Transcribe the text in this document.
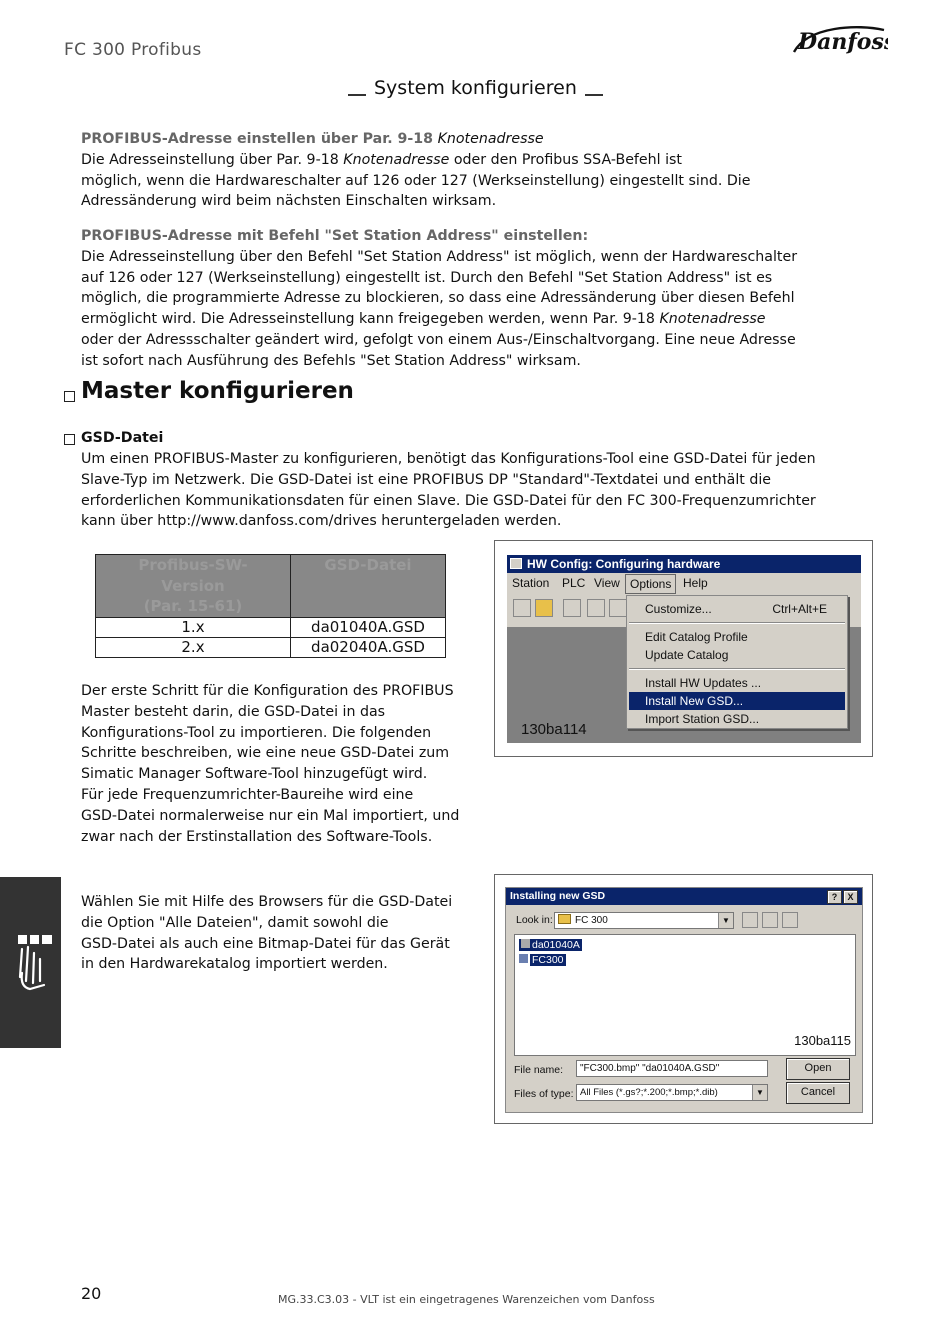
FC 300 Profibus	Danfoss
System konfigurieren
PROFIBUS-Adresse einstellen über Par. 9-18 Knotenadresse
Die Adresseinstellung über Par. 9-18 Knotenadresse oder den Profibus SSA-Befehl ist
möglich, wenn die Hardwareschalter auf 126 oder 127 (Werkseinstellung) eingestellt sind. Die
Adressänderung wird beim nächsten Einschalten wirksam.
PROFIBUS-Adresse mit Befehl "Set Station Address" einstellen:
Die Adresseinstellung über den Befehl "Set Station Address" ist möglich, wenn der Hardwareschalter
auf 126 oder 127 (Werkseinstellung) eingestellt ist. Durch den Befehl "Set Station Address" ist es
möglich, die programmierte Adresse zu blockieren, so dass eine Adressänderung über diesen Befehl
ermöglicht wird. Die Adresseinstellung kann freigegeben werden, wenn Par. 9-18 Knotenadresse
oder der Adressschalter geändert wird, gefolgt von einem Aus-/Einschaltvorgang. Eine neue Adresse
ist sofort nach Ausführung des Befehls "Set Station Address" wirksam.
Master konfigurieren
GSD-Datei
Um einen PROFIBUS-Master zu konfigurieren, benötigt das Konfigurations-Tool eine GSD-Datei für jeden
Slave-Typ im Netzwerk. Die GSD-Datei ist eine PROFIBUS DP "Standard"-Textdatei und enthält die
erforderlichen Kommunikationsdaten für einen Slave. Die GSD-Datei für den FC 300-Frequenzumrichter
kann über http://www.danfoss.com/drives heruntergeladen werden.
Profibus-SW-
Version
(Par. 15-61)	GSD-Datei
1.x	da01040A.GSD
2.x	da02040A.GSD
Der erste Schritt für die Konfiguration des PROFIBUS
Master besteht darin, die GSD-Datei in das
Konfigurations-Tool zu importieren. Die folgenden
Schritte beschreiben, wie eine neue GSD-Datei zum
Simatic Manager Software-Tool hinzugefügt wird.
Für jede Frequenzumrichter-Baureihe wird eine
GSD-Datei normalerweise nur ein Mal importiert, und
zwar nach der Erstinstallation des Software-Tools.
Wählen Sie mit Hilfe des Browsers für die GSD-Datei
die Option "Alle Dateien", damit sowohl die
GSD-Datei als auch eine Bitmap-Datei für das Gerät
in den Hardwarekatalog importiert werden.
HW Config: Configuring hardware
Station PLC View Options Help
Customize...	Ctrl+Alt+E
Edit Catalog Profile
Update Catalog
Install HW Updates ...
Install New GSD...
Import Station GSD...
130ba114
Installing new GSD	?	X
Look in:	FC 300	▼
da01040A
FC300
130ba115
File name:	"FC300.bmp" "da01040A.GSD"
Files of type: All Files (*.gs?;*.200;*.bmp;*.dib)	▼
Open
Cancel
20	MG.33.C3.03 - VLT ist ein eingetragenes Warenzeichen vom Danfoss
